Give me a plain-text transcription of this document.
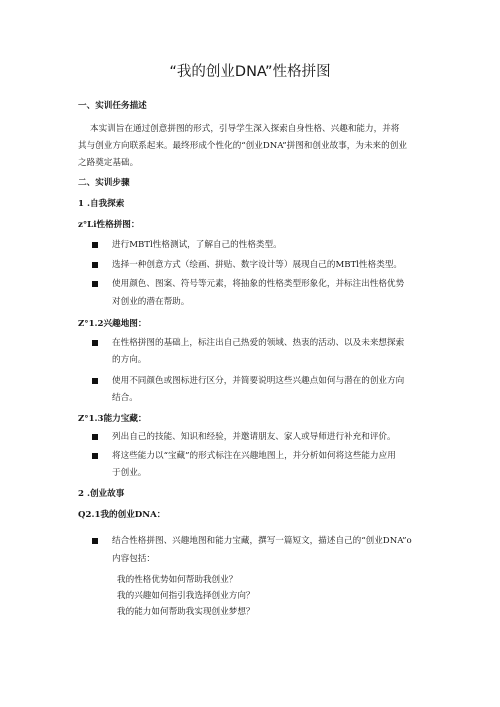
“我的创业DNA”性格拼图
一、实训任务描述
本实训旨在通过创意拼图的形式，引导学生深入探索自身性格、兴趣和能力，并将
其与创业方向联系起来。最终形成个性化的“创业DNA”拼图和创业故事，为未来的创业
之路奠定基础。
二、实训步骤
1 .自我探索
z°Li性格拼图：
进行MBTl性格测试，了解自己的性格类型。
选择一种创意方式（绘画、拼贴、数字设计等）展现自己的MBTl性格类型。
使用颜色、图案、符号等元素，将抽象的性格类型形象化，并标注出性格优势
对创业的潜在帮助。
Z°1.2兴趣地图：
在性格拼图的基础上，标注出自己热爱的领域、热衷的活动、以及未来想探索
的方向。
使用不同颜色或图标进行区分，并简要说明这些兴趣点如何与潜在的创业方向
结合。
Z°1.3能力宝藏：
列出自己的技能、知识和经验，并邀请朋友、家人或导师进行补充和评价。
将这些能力以“宝藏”的形式标注在兴趣地图上，并分析如何将这些能力应用
于创业。
2 .创业故事
Q2.1我的创业DNA：
结合性格拼图、兴趣地图和能力宝藏，撰写一篇短文，描述自己的“创业DNA”o
内容包括：
我的性格优势如何帮助我创业？
我的兴趣如何指引我选择创业方向？
我的能力如何帮助我实现创业梦想？
